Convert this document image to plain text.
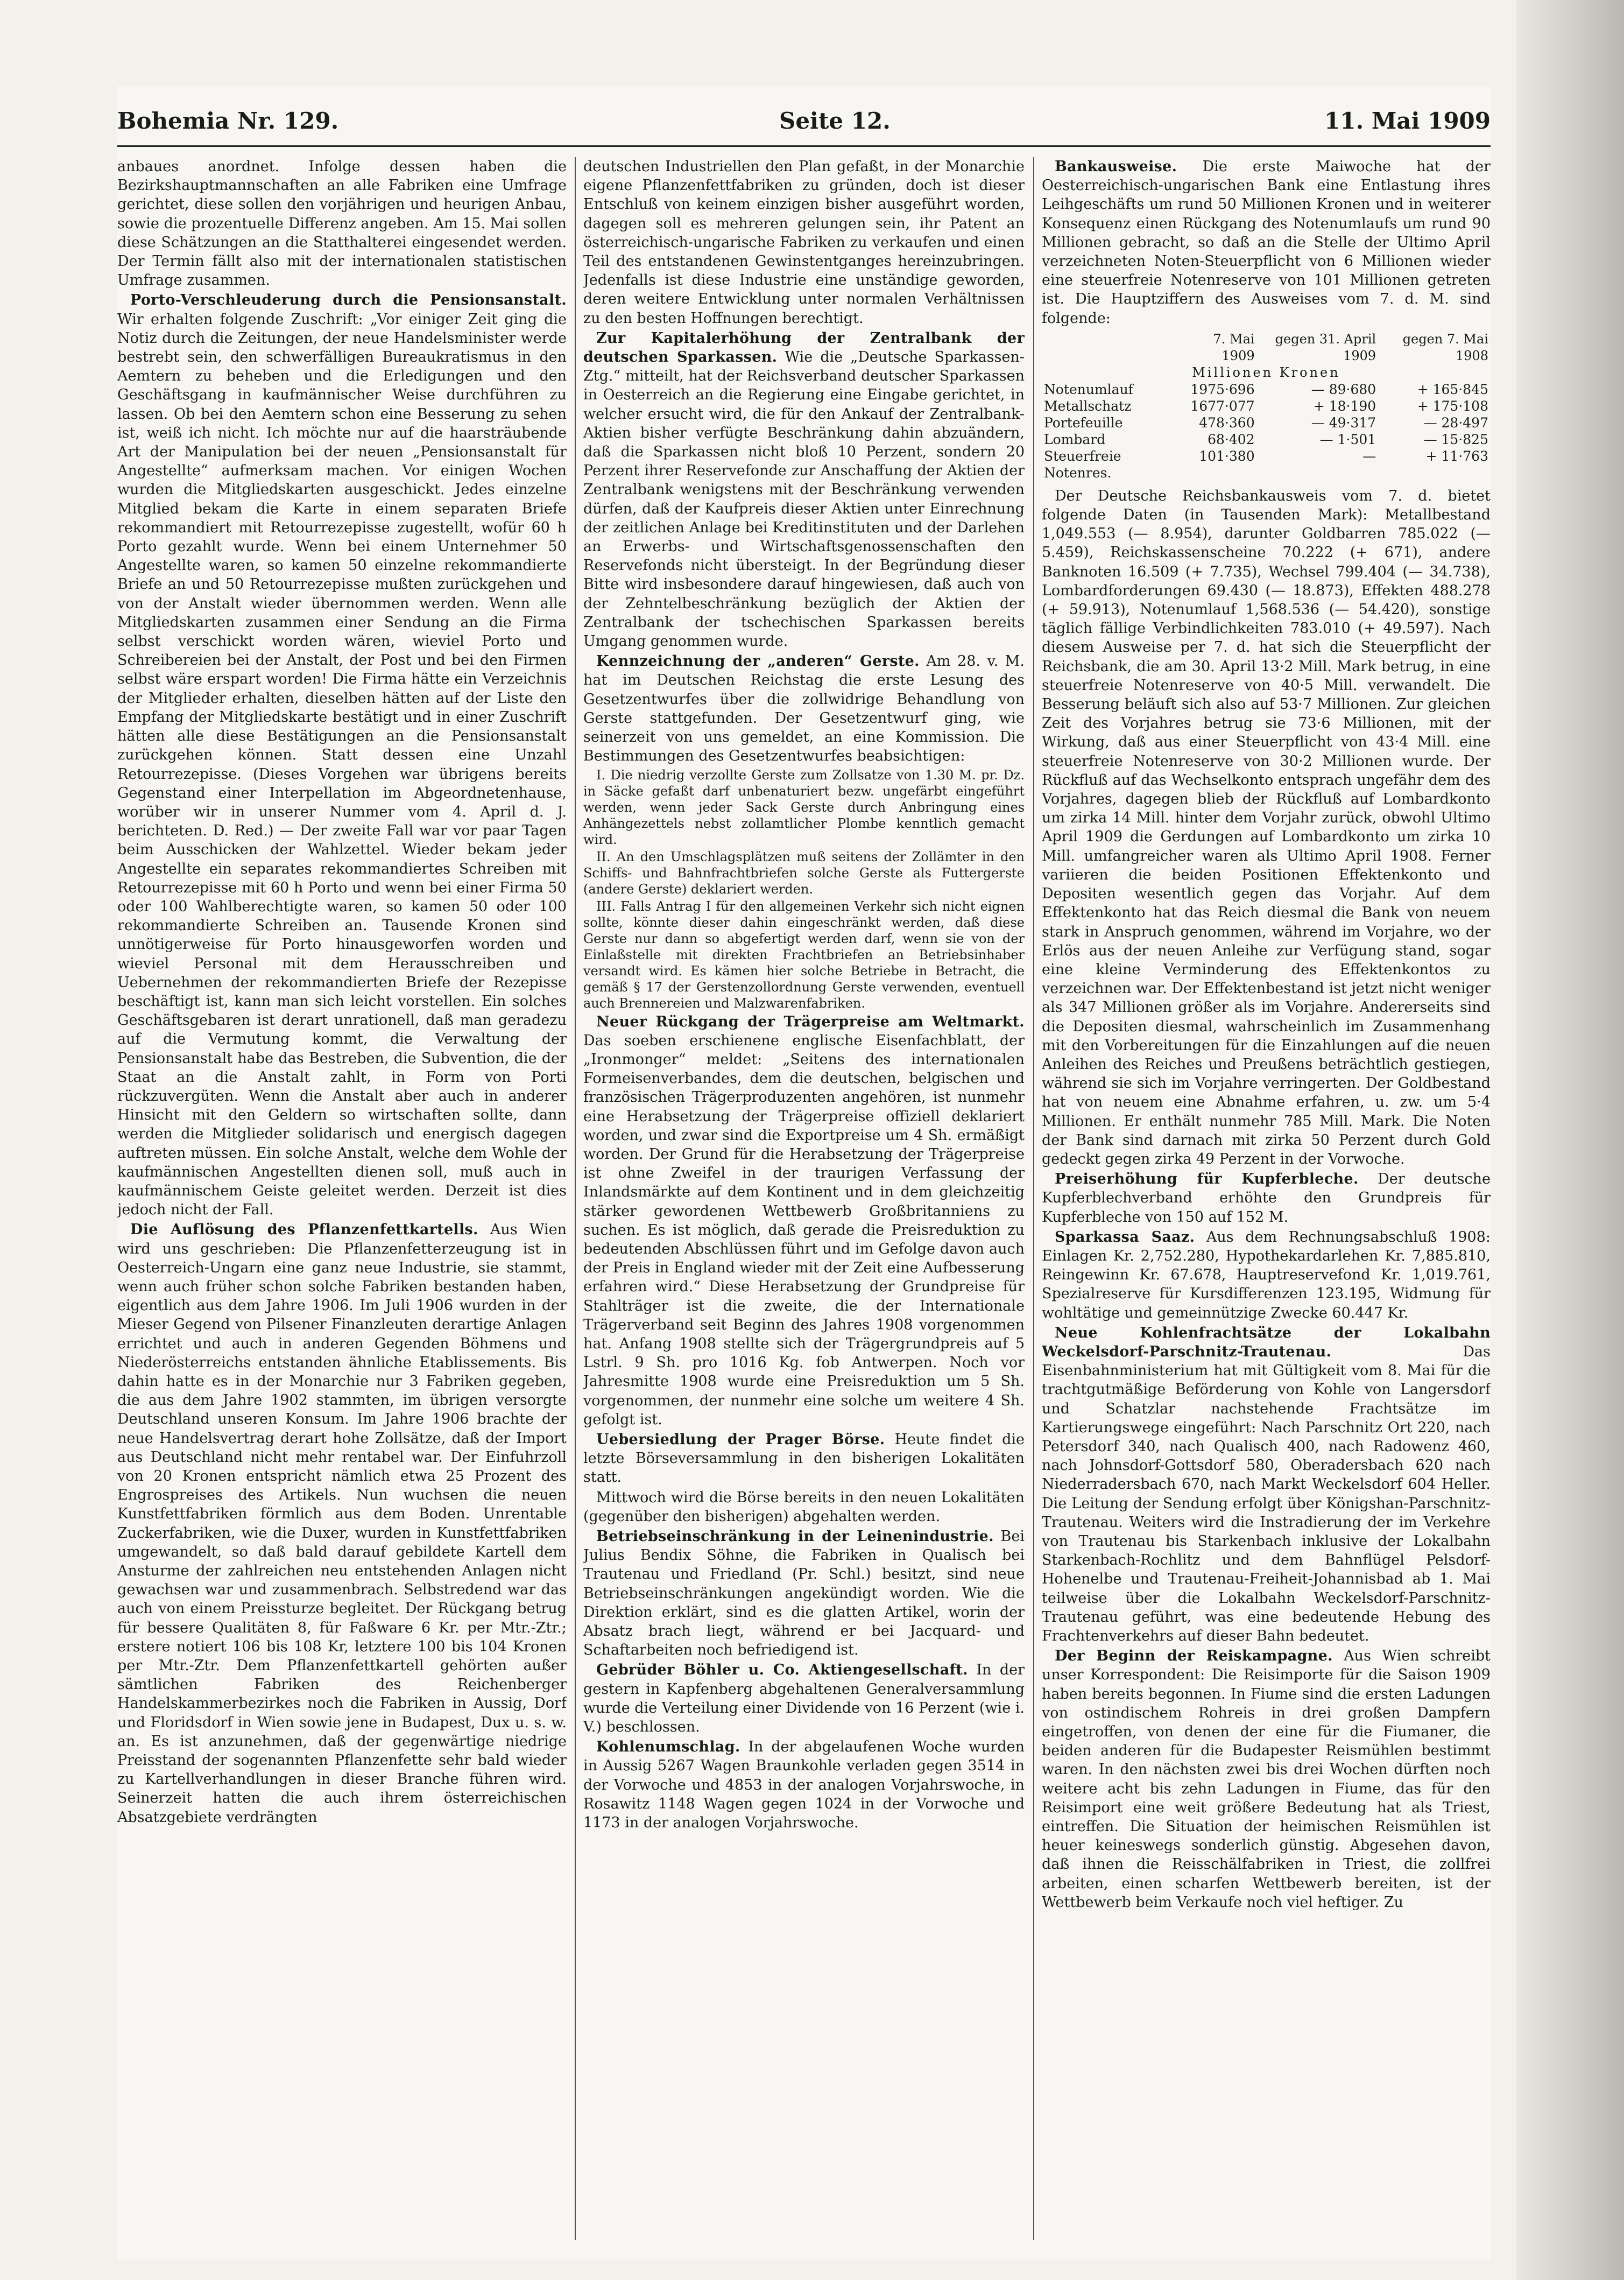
Bohemia Nr. 129.	Seite 12.	11. Mai 1909

anbaues anordnet. Infolge dessen haben die Bezirkshauptmannschaften an alle Fabriken eine Umfrage gerichtet, diese sollen den vorjährigen und heurigen Anbau, sowie die prozentuelle Differenz angeben. Am 15. Mai sollen diese Schätzungen an die Statthalterei eingesendet werden. Der Termin fällt also mit der internationalen statistischen Umfrage zusammen.

Porto-Verschleuderung durch die Pensionsanstalt. Wir erhalten folgende Zuschrift: „Vor einiger Zeit ging die Notiz durch die Zeitungen, der neue Handelsminister werde bestrebt sein, den schwerfälligen Bureaukratismus in den Aemtern zu beheben und die Erledigungen und den Geschäftsgang in kaufmännischer Weise durchführen zu lassen. Ob bei den Aemtern schon eine Besserung zu sehen ist, weiß ich nicht. Ich möchte nur auf die haarsträubende Art der Manipulation bei der neuen „Pensionsanstalt für Angestellte“ aufmerksam machen. Vor einigen Wochen wurden die Mitgliedskarten ausgeschickt. Jedes einzelne Mitglied bekam die Karte in einem separaten Briefe rekommandiert mit Retourrezepisse zugestellt, wofür 60 h Porto gezahlt wurde. Wenn bei einem Unternehmer 50 Angestellte waren, so kamen 50 einzelne rekommandierte Briefe an und 50 Retourrezepisse mußten zurückgehen und von der Anstalt wieder übernommen werden. Wenn alle Mitgliedskarten zusammen einer Sendung an die Firma selbst verschickt worden wären, wieviel Porto und Schreibereien bei der Anstalt, der Post und bei den Firmen selbst wäre erspart worden! Die Firma hätte ein Verzeichnis der Mitglieder erhalten, dieselben hätten auf der Liste den Empfang der Mitgliedskarte bestätigt und in einer Zuschrift hätten alle diese Bestätigungen an die Pensionsanstalt zurückgehen können. Statt dessen eine Unzahl Retourrezepisse. (Dieses Vorgehen war übrigens bereits Gegenstand einer Interpellation im Abgeordnetenhause, worüber wir in unserer Nummer vom 4. April d. J. berichteten. D. Red.) — Der zweite Fall war vor paar Tagen beim Ausschicken der Wahlzettel. Wieder bekam jeder Angestellte ein separates rekommandiertes Schreiben mit Retourrezepisse mit 60 h Porto und wenn bei einer Firma 50 oder 100 Wahlberechtigte waren, so kamen 50 oder 100 rekommandierte Schreiben an. Tausende Kronen sind unnötigerweise für Porto hinausgeworfen worden und wieviel Personal mit dem Herausschreiben und Uebernehmen der rekommandierten Briefe der Rezepisse beschäftigt ist, kann man sich leicht vorstellen. Ein solches Geschäftsgebaren ist derart unrationell, daß man geradezu auf die Vermutung kommt, die Verwaltung der Pensionsanstalt habe das Bestreben, die Subvention, die der Staat an die Anstalt zahlt, in Form von Porti rückzuvergüten. Wenn die Anstalt aber auch in anderer Hinsicht mit den Geldern so wirtschaften sollte, dann werden die Mitglieder solidarisch und energisch dagegen auftreten müssen. Ein solche Anstalt, welche dem Wohle der kaufmännischen Angestellten dienen soll, muß auch in kaufmännischem Geiste geleitet werden. Derzeit ist dies jedoch nicht der Fall.

Die Auflösung des Pflanzenfettkartells. Aus Wien wird uns geschrieben: Die Pflanzenfetterzeugung ist in Oesterreich-Ungarn eine ganz neue Industrie, sie stammt, wenn auch früher schon solche Fabriken bestanden haben, eigentlich aus dem Jahre 1906. Im Juli 1906 wurden in der Mieser Gegend von Pilsener Finanzleuten derartige Anlagen errichtet und auch in anderen Gegenden Böhmens und Niederösterreichs entstanden ähnliche Etablissements. Bis dahin hatte es in der Monarchie nur 3 Fabriken gegeben, die aus dem Jahre 1902 stammten, im übrigen versorgte Deutschland unseren Konsum. Im Jahre 1906 brachte der neue Handelsvertrag derart hohe Zollsätze, daß der Import aus Deutschland nicht mehr rentabel war. Der Einfuhrzoll von 20 Kronen entspricht nämlich etwa 25 Prozent des Engrospreises des Artikels. Nun wuchsen die neuen Kunstfettfabriken förmlich aus dem Boden. Unrentable Zuckerfabriken, wie die Duxer, wurden in Kunstfettfabriken umgewandelt, so daß bald darauf gebildete Kartell dem Ansturme der zahlreichen neu entstehenden Anlagen nicht gewachsen war und zusammenbrach. Selbstredend war das auch von einem Preissturze begleitet. Der Rückgang betrug für bessere Qualitäten 8, für Faßware 6 Kr. per Mtr.-Ztr.; erstere notiert 106 bis 108 Kr, letztere 100 bis 104 Kronen per Mtr.-Ztr. Dem Pflanzenfettkartell gehörten außer sämtlichen Fabriken des Reichenberger Handelskammerbezirkes noch die Fabriken in Aussig, Dorf und Floridsdorf in Wien sowie jene in Budapest, Dux u. s. w. an. Es ist anzunehmen, daß der gegenwärtige niedrige Preisstand der sogenannten Pflanzenfette sehr bald wieder zu Kartellverhandlungen in dieser Branche führen wird. Seinerzeit hatten die auch ihrem österreichischen Absatzgebiete verdrängten

deutschen Industriellen den Plan gefaßt, in der Monarchie eigene Pflanzenfettfabriken zu gründen, doch ist dieser Entschluß von keinem einzigen bisher ausgeführt worden, dagegen soll es mehreren gelungen sein, ihr Patent an österreichisch-ungarische Fabriken zu verkaufen und einen Teil des entstandenen Gewinstentganges hereinzubringen. Jedenfalls ist diese Industrie eine unständige geworden, deren weitere Entwicklung unter normalen Verhältnissen zu den besten Hoffnungen berechtigt.

Zur Kapitalerhöhung der Zentralbank der deutschen Sparkassen. Wie die „Deutsche Sparkassen-Ztg.“ mitteilt, hat der Reichsverband deutscher Sparkassen in Oesterreich an die Regierung eine Eingabe gerichtet, in welcher ersucht wird, die für den Ankauf der Zentralbank-Aktien bisher verfügte Beschränkung dahin abzuändern, daß die Sparkassen nicht bloß 10 Perzent, sondern 20 Perzent ihrer Reservefonde zur Anschaffung der Aktien der Zentralbank wenigstens mit der Beschränkung verwenden dürfen, daß der Kaufpreis dieser Aktien unter Einrechnung der zeitlichen Anlage bei Kreditinstituten und der Darlehen an Erwerbs- und Wirtschaftsgenossenschaften den Reservefonds nicht übersteigt. In der Begründung dieser Bitte wird insbesondere darauf hingewiesen, daß auch von der Zehntelbeschränkung bezüglich der Aktien der Zentralbank der tschechischen Sparkassen bereits Umgang genommen wurde.

Kennzeichnung der „anderen“ Gerste. Am 28. v. M. hat im Deutschen Reichstag die erste Lesung des Gesetzentwurfes über die zollwidrige Behandlung von Gerste stattgefunden. Der Gesetzentwurf ging, wie seinerzeit von uns gemeldet, an eine Kommission. Die Bestimmungen des Gesetzentwurfes beabsichtigen:

I. Die niedrig verzollte Gerste zum Zollsatze von 1.30 M. pr. Dz. in Säcke gefaßt darf unbenaturiert bezw. ungefärbt eingeführt werden, wenn jeder Sack Gerste durch Anbringung eines Anhängezettels nebst zollamtlicher Plombe kenntlich gemacht wird.

II. An den Umschlagsplätzen muß seitens der Zollämter in den Schiffs- und Bahnfrachtbriefen solche Gerste als Futtergerste (andere Gerste) deklariert werden.

III. Falls Antrag I für den allgemeinen Verkehr sich nicht eignen sollte, könnte dieser dahin eingeschränkt werden, daß diese Gerste nur dann so abgefertigt werden darf, wenn sie von der Einlaßstelle mit direkten Frachtbriefen an Betriebsinhaber versandt wird. Es kämen hier solche Betriebe in Betracht, die gemäß § 17 der Gerstenzollordnung Gerste verwenden, eventuell auch Brennereien und Malzwarenfabriken.

Neuer Rückgang der Trägerpreise am Weltmarkt. Das soeben erschienene englische Eisenfachblatt, der „Ironmonger“ meldet: „Seitens des internationalen Formeisenverbandes, dem die deutschen, belgischen und französischen Trägerproduzenten angehören, ist nunmehr eine Herabsetzung der Trägerpreise offiziell deklariert worden, und zwar sind die Exportpreise um 4 Sh. ermäßigt worden. Der Grund für die Herabsetzung der Trägerpreise ist ohne Zweifel in der traurigen Verfassung der Inlandsmärkte auf dem Kontinent und in dem gleichzeitig stärker gewordenen Wettbewerb Großbritanniens zu suchen. Es ist möglich, daß gerade die Preisreduktion zu bedeutenden Abschlüssen führt und im Gefolge davon auch der Preis in England wieder mit der Zeit eine Aufbesserung erfahren wird.“ Diese Herabsetzung der Grundpreise für Stahlträger ist die zweite, die der Internationale Trägerverband seit Beginn des Jahres 1908 vorgenommen hat. Anfang 1908 stellte sich der Trägergrundpreis auf 5 Lstrl. 9 Sh. pro 1016 Kg. fob Antwerpen. Noch vor Jahresmitte 1908 wurde eine Preisreduktion um 5 Sh. vorgenommen, der nunmehr eine solche um weitere 4 Sh. gefolgt ist.

Uebersiedlung der Prager Börse. Heute findet die letzte Börseversammlung in den bisherigen Lokalitäten statt.

Mittwoch wird die Börse bereits in den neuen Lokalitäten (gegenüber den bisherigen) abgehalten werden.

Betriebseinschränkung in der Leinenindustrie. Bei Julius Bendix Söhne, die Fabriken in Qualisch bei Trautenau und Friedland (Pr. Schl.) besitzt, sind neue Betriebseinschränkungen angekündigt worden. Wie die Direktion erklärt, sind es die glatten Artikel, worin der Absatz brach liegt, während er bei Jacquard- und Schaftarbeiten noch befriedigend ist.

Gebrüder Böhler u. Co. Aktiengesellschaft. In der gestern in Kapfenberg abgehaltenen Generalversammlung wurde die Verteilung einer Dividende von 16 Perzent (wie i. V.) beschlossen.

Kohlenumschlag. In der abgelaufenen Woche wurden in Aussig 5267 Wagen Braunkohle verladen gegen 3514 in der Vorwoche und 4853 in der analogen Vorjahrswoche, in Rosawitz 1148 Wagen gegen 1024 in der Vorwoche und 1173 in der analogen Vorjahrswoche.

Bankausweise. Die erste Maiwoche hat der Oesterreichisch-ungarischen Bank eine Entlastung ihres Leihgeschäfts um rund 50 Millionen Kronen und in weiterer Konsequenz einen Rückgang des Notenumlaufs um rund 90 Millionen gebracht, so daß an die Stelle der Ultimo April verzeichneten Noten-Steuerpflicht von 6 Millionen wieder eine steuerfreie Notenreserve von 101 Millionen getreten ist. Die Hauptziffern des Ausweises vom 7. d. M. sind folgende:

	7. Mai 1909	gegen 31. April 1909	gegen 7. Mai 1908
Millionen Kronen			
Notenumlauf	1975·696	— 89·680	+ 165·845
Metallschatz	1677·077	+ 18·190	+ 175·108
Portefeuille	478·360	— 49·317	— 28·497
Lombard	68·402	— 1·501	— 15·825
Steuerfreie Notenres.	101·380	—	+ 11·763

Der Deutsche Reichsbankausweis vom 7. d. bietet folgende Daten (in Tausenden Mark): Metallbestand 1,049.553 (— 8.954), darunter Goldbarren 785.022 (— 5.459), Reichskassenscheine 70.222 (+ 671), andere Banknoten 16.509 (+ 7.735), Wechsel 799.404 (— 34.738), Lombardforderungen 69.430 (— 18.873), Effekten 488.278 (+ 59.913), Notenumlauf 1,568.536 (— 54.420), sonstige täglich fällige Verbindlichkeiten 783.010 (+ 49.597). Nach diesem Ausweise per 7. d. hat sich die Steuerpflicht der Reichsbank, die am 30. April 13·2 Mill. Mark betrug, in eine steuerfreie Notenreserve von 40·5 Mill. verwandelt. Die Besserung beläuft sich also auf 53·7 Millionen. Zur gleichen Zeit des Vorjahres betrug sie 73·6 Millionen, mit der Wirkung, daß aus einer Steuerpflicht von 43·4 Mill. eine steuerfreie Notenreserve von 30·2 Millionen wurde. Der Rückfluß auf das Wechselkonto entsprach ungefähr dem des Vorjahres, dagegen blieb der Rückfluß auf Lombardkonto um zirka 14 Mill. hinter dem Vorjahr zurück, obwohl Ultimo April 1909 die Gerdungen auf Lombardkonto um zirka 10 Mill. umfangreicher waren als Ultimo April 1908. Ferner variieren die beiden Positionen Effektenkonto und Depositen wesentlich gegen das Vorjahr. Auf dem Effektenkonto hat das Reich diesmal die Bank von neuem stark in Anspruch genommen, während im Vorjahre, wo der Erlös aus der neuen Anleihe zur Verfügung stand, sogar eine kleine Verminderung des Effektenkontos zu verzeichnen war. Der Effektenbestand ist jetzt nicht weniger als 347 Millionen größer als im Vorjahre. Andererseits sind die Depositen diesmal, wahrscheinlich im Zusammenhang mit den Vorbereitungen für die Einzahlungen auf die neuen Anleihen des Reiches und Preußens beträchtlich gestiegen, während sie sich im Vorjahre verringerten. Der Goldbestand hat von neuem eine Abnahme erfahren, u. zw. um 5·4 Millionen. Er enthält nunmehr 785 Mill. Mark. Die Noten der Bank sind darnach mit zirka 50 Perzent durch Gold gedeckt gegen zirka 49 Perzent in der Vorwoche.

Preiserhöhung für Kupferbleche. Der deutsche Kupferblechverband erhöhte den Grundpreis für Kupferbleche von 150 auf 152 M.

Sparkassa Saaz. Aus dem Rechnungsabschluß 1908: Einlagen Kr. 2,752.280, Hypothekardarlehen Kr. 7,885.810, Reingewinn Kr. 67.678, Hauptreservefond Kr. 1,019.761, Spezialreserve für Kursdifferenzen 123.195, Widmung für wohltätige und gemeinnützige Zwecke 60.447 Kr.

Neue Kohlenfrachtsätze der Lokalbahn Weckelsdorf-Parschnitz-Trautenau.	Das Eisenbahnministerium hat mit Gültigkeit vom 8. Mai für die trachtgutmäßige Beförderung von Kohle von Langersdorf und Schatzlar nachstehende Frachtsätze im Kartierungswege eingeführt: Nach Parschnitz Ort 220, nach Petersdorf 340, nach Qualisch 400, nach Radowenz 460, nach Johnsdorf-Gottsdorf 580, Oberadersbach 620 nach Niederradersbach 670, nach Markt Weckelsdorf 604 Heller. Die Leitung der Sendung erfolgt über Königshan-Parschnitz-Trautenau. Weiters wird die Instradierung der im Verkehre von Trautenau bis Starkenbach inklusive der Lokalbahn Starkenbach-Rochlitz und dem Bahnflügel Pelsdorf-Hohenelbe und Trautenau-Freiheit-Johannisbad ab 1. Mai teilweise über die Lokalbahn Weckelsdorf-Parschnitz-Trautenau geführt, was eine bedeutende Hebung des Frachtenverkehrs auf dieser Bahn bedeutet.

Der Beginn der Reiskampagne. Aus Wien schreibt unser Korrespondent: Die Reisimporte für die Saison 1909 haben bereits begonnen. In Fiume sind die ersten Ladungen von ostindischem Rohreis in drei großen Dampfern eingetroffen, von denen der eine für die Fiumaner, die beiden anderen für die Budapester Reismühlen bestimmt waren. In den nächsten zwei bis drei Wochen dürften noch weitere acht bis zehn Ladungen in Fiume, das für den Reisimport eine weit größere Bedeutung hat als Triest, eintreffen. Die Situation der heimischen Reismühlen ist heuer keineswegs sonderlich günstig. Abgesehen davon, daß ihnen die Reisschälfabriken in Triest, die zollfrei arbeiten, einen scharfen Wettbewerb bereiten, ist der Wettbewerb beim Verkaufe noch viel heftiger. Zu
